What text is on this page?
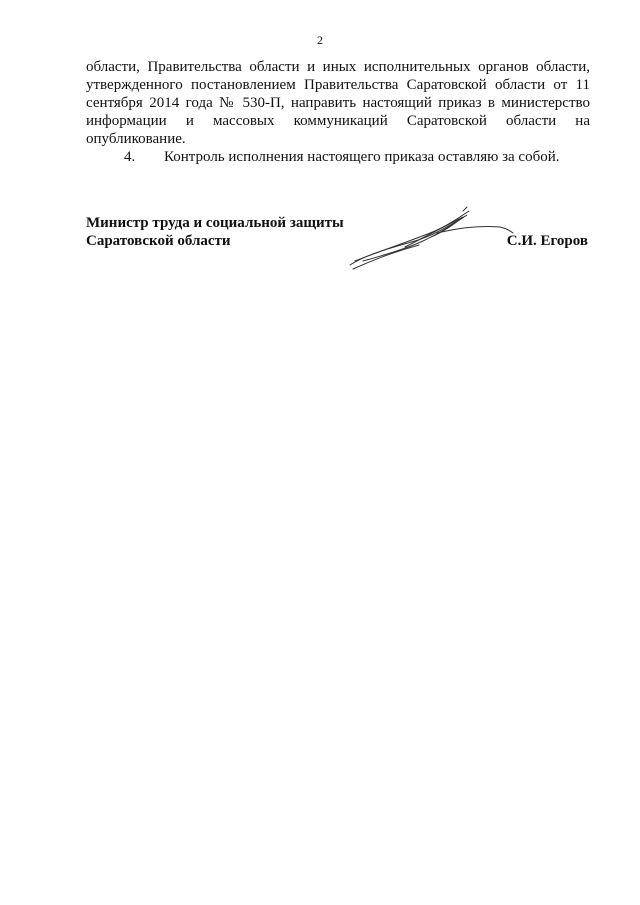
2
области, Правительства области и иных исполнительных органов области,
утвержденного постановлением Правительства Саратовской области от 11
сентября 2014 года № 530-П, направить настоящий приказ в министерство
информации и массовых коммуникаций Саратовской области на
опубликование.
4. Контроль исполнения настоящего приказа оставляю за собой.
Министр труда и социальной защиты
Саратовской области	С.И. Егоров
